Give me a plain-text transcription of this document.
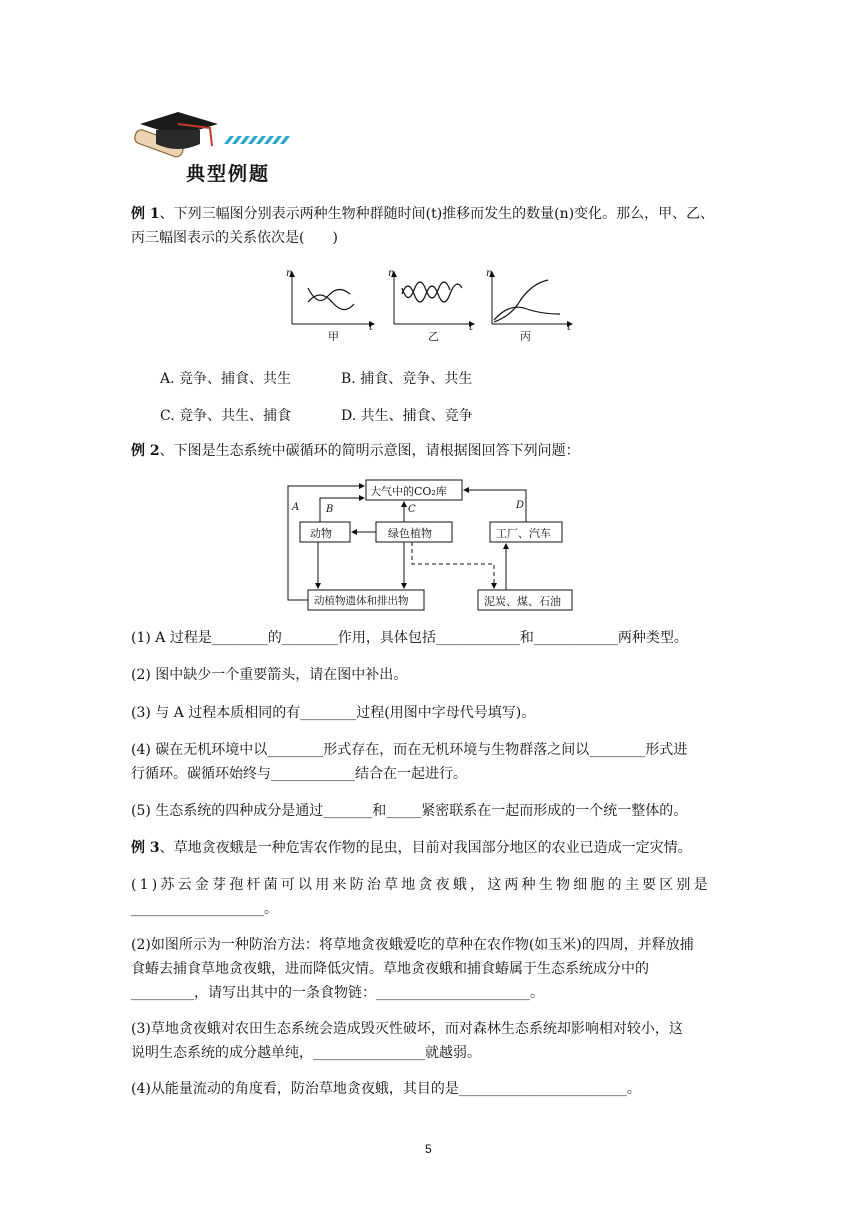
典型例题
例 1、下列三幅图分别表示两种生物种群随时间(t)推移而发生的数量(n)变化。那么，甲、乙、
丙三幅图表示的关系依次是(　　)
n
t
甲
n
t
乙
n
t
丙
A. 竞争、捕食、共生	B. 捕食、竞争、共生
C. 竞争、共生、捕食	D. 共生、捕食、竞争
例 2、下图是生态系统中碳循环的简明示意图，请根据图回答下列问题：
大气中的CO₂库
动物	绿色植物	工厂、汽车
动植物遗体和排出物	泥炭、煤、石油
A	B	C	D
(1) A 过程是________的________作用，具体包括____________和____________两种类型。
(2) 图中缺少一个重要箭头，请在图中补出。
(3) 与 A 过程本质相同的有________过程(用图中字母代号填写)。
(4) 碳在无机环境中以________形式存在，而在无机环境与生物群落之间以________形式进
行循环。碳循环始终与____________结合在一起进行。
(5) 生态系统的四种成分是通过_______和_____紧密联系在一起而形成的一个统一整体的。
例 3、草地贪夜蛾是一种危害农作物的昆虫，目前对我国部分地区的农业已造成一定灾情。
(1)苏云金芽孢杆菌可以用来防治草地贪夜蛾，这两种生物细胞的主要区别是
___________________。
(2)如图所示为一种防治方法：将草地贪夜蛾爱吃的草种在农作物(如玉米)的四周，并释放捕
食蝽去捕食草地贪夜蛾，进而降低灾情。草地贪夜蛾和捕食蝽属于生态系统成分中的
_________，请写出其中的一条食物链：______________________。
(3)草地贪夜蛾对农田生态系统会造成毁灭性破坏，而对森林生态系统却影响相对较小，这
说明生态系统的成分越单纯，________________就越弱。
(4)从能量流动的角度看，防治草地贪夜蛾，其目的是________________________。
5
